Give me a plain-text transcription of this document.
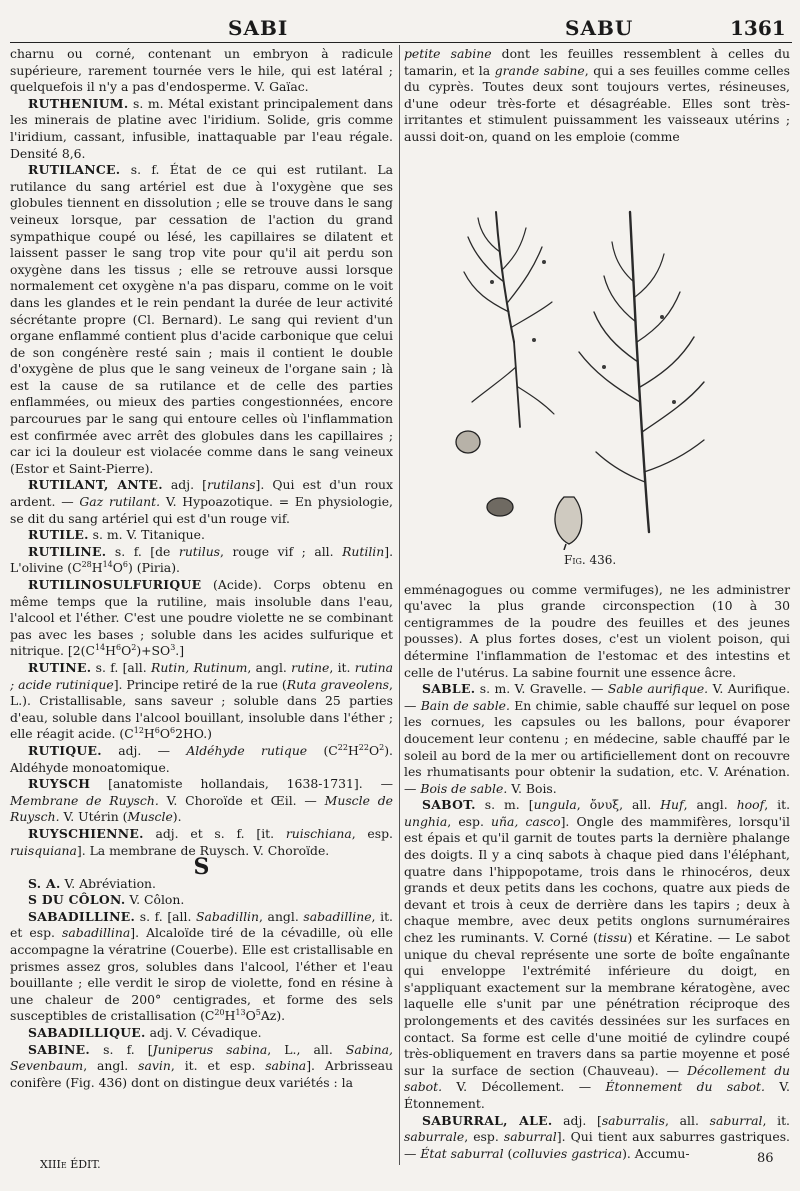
SABI	SABU	1361

charnu ou corné, contenant un embryon à radicule supérieure, rarement tournée vers le hile, qui est latéral ; quelquefois il n'y a pas d'endosperme. V. Gaïac.

RUTHENIUM. s. m. Métal existant principalement dans les minerais de platine avec l'iridium. Solide, gris comme l'iridium, cassant, infusible, inattaquable par l'eau régale. Densité 8,6.

RUTILANCE. s. f. État de ce qui est rutilant. La rutilance du sang artériel est due à l'oxygène que ses globules tiennent en dissolution ; elle se trouve dans le sang veineux lorsque, par cessation de l'action du grand sympathique coupé ou lésé, les capillaires se dilatent et laissent passer le sang trop vite pour qu'il ait perdu son oxygène dans les tissus ; elle se retrouve aussi lorsque normalement cet oxygène n'a pas disparu, comme on le voit dans les glandes et le rein pendant la durée de leur activité sécrétante propre (Cl. Bernard). Le sang qui revient d'un organe enflammé contient plus d'acide carbonique que celui de son congénère resté sain ; mais il contient le double d'oxygène de plus que le sang veineux de l'organe sain ; là est la cause de sa rutilance et de celle des parties enflammées, ou mieux des parties congestionnées, encore parcourues par le sang qui entoure celles où l'inflammation est confirmée avec arrêt des globules dans les capillaires ; car ici la douleur est violacée comme dans le sang veineux (Estor et Saint-Pierre).

RUTILANT, ANTE. adj. [rutilans]. Qui est d'un roux ardent. — Gaz rutilant. V. Hypoazotique. = En physiologie, se dit du sang artériel qui est d'un rouge vif.

RUTILE. s. m. V. Titanique.

RUTILINE. s. f. [de rutilus, rouge vif ; all. Rutilin]. L'olivine $(C^{28}H^{14}O^6)$ (Piria).

RUTILINOSULFURIQUE (Acide). Corps obtenu en même temps que la rutiline, mais insoluble dans l'eau, l'alcool et l'éther. C'est une poudre violette ne se combinant pas avec les bases ; soluble dans les acides sulfurique et nitrique. $[2(C^{14}H^6O^2)+SO^3.]$

RUTINE. s. f. [all. Rutin, Rutinum, angl. rutine, it. rutina ; acide rutinique]. Principe retiré de la rue (Ruta graveolens, L.). Cristallisable, sans saveur ; soluble dans 25 parties d'eau, soluble dans l'alcool bouillant, insoluble dans l'éther ; elle réagit acide. $(C^{12}H^6O^62HO.)$

RUTIQUE. adj. — Aldéhyde rutique $(C^{22}H^{22}O^2)$. Aldéhyde monoatomique.

RUYSCH [anatomiste hollandais, 1638-1731]. — Membrane de Ruysch. V. Choroïde et Œil. — Muscle de Ruysch. V. Utérin (Muscle).

RUYSCHIENNE. adj. et s. f. [it. ruischiana, esp. ruisquiana]. La membrane de Ruysch. V. Choroïde.

S

S. A. V. Abréviation.

S DU CÔLON. V. Côlon.

SABADILLINE. s. f. [all. Sabadillin, angl. sabadilline, it. et esp. sabadillina]. Alcaloïde tiré de la cévadille, où elle accompagne la vératrine (Couerbe). Elle est cristallisable en prismes assez gros, solubles dans l'alcool, l'éther et l'eau bouillante ; elle verdit le sirop de violette, fond en résine à une chaleur de 200° centigrades, et forme des sels susceptibles de cristallisation $(C^{20}H^{13}O^5Az)$.

SABADILLIQUE. adj. V. Cévadique.

SABINE. s. f. [Juniperus sabina, L., all. Sabina, Sevenbaum, angl. savin, it. et esp. sabina]. Arbrisseau conifère (Fig. 436) dont on distingue deux variétés : la

petite sabine dont les feuilles ressemblent à celles du tamarin, et la grande sabine, qui a ses feuilles comme celles du cyprès. Toutes deux sont toujours vertes, résineuses, d'une odeur très-forte et désagréable. Elles sont très-irritantes et stimulent puissamment les vaisseaux utérins ; aussi doit-on, quand on les emploie (comme

Fig. 436.

emménagogues ou comme vermifuges), ne les administrer qu'avec la plus grande circonspection (10 à 30 centigrammes de la poudre des feuilles et des jeunes pousses). A plus fortes doses, c'est un violent poison, qui détermine l'inflammation de l'estomac et des intestins et celle de l'utérus. La sabine fournit une essence âcre.

SABLE. s. m. V. Gravelle. — Sable aurifique. V. Aurifique. — Bain de sable. En chimie, sable chauffé sur lequel on pose les cornues, les capsules ou les ballons, pour évaporer doucement leur contenu ; en médecine, sable chauffé par le soleil au bord de la mer ou artificiellement dont on recouvre les rhumatisants pour obtenir la sudation, etc. V. Arénation. — Bois de sable. V. Bois.

SABOT. s. m. [ungula, ὄνυξ, all. Huf, angl. hoof, it. unghia, esp. uña, casco]. Ongle des mammifères, lorsqu'il est épais et qu'il garnit de toutes parts la dernière phalange des doigts. Il y a cinq sabots à chaque pied dans l'éléphant, quatre dans l'hippopotame, trois dans le rhinocéros, deux grands et deux petits dans les cochons, quatre aux pieds de devant et trois à ceux de derrière dans les tapirs ; deux à chaque membre, avec deux petits onglons surnuméraires chez les ruminants. V. Corné (tissu) et Kératine. — Le sabot unique du cheval représente une sorte de boîte engaînante qui enveloppe l'extrémité inférieure du doigt, en s'appliquant exactement sur la membrane kératogène, avec laquelle elle s'unit par une pénétration réciproque des prolongements et des cavités dessinées sur les surfaces en contact. Sa forme est celle d'une moitié de cylindre coupé très-obliquement en travers dans sa partie moyenne et posé sur la surface de section (Chauveau). — Décollement du sabot. V. Décollement. — Étonnement du sabot. V. Étonnement.

SABURRAL, ALE. adj. [saburralis, all. saburral, it. saburrale, esp. saburral]. Qui tient aux saburres gastriques. — État saburral (colluvies gastrica). Accumu-

XIIIe ÉDIT.	86
